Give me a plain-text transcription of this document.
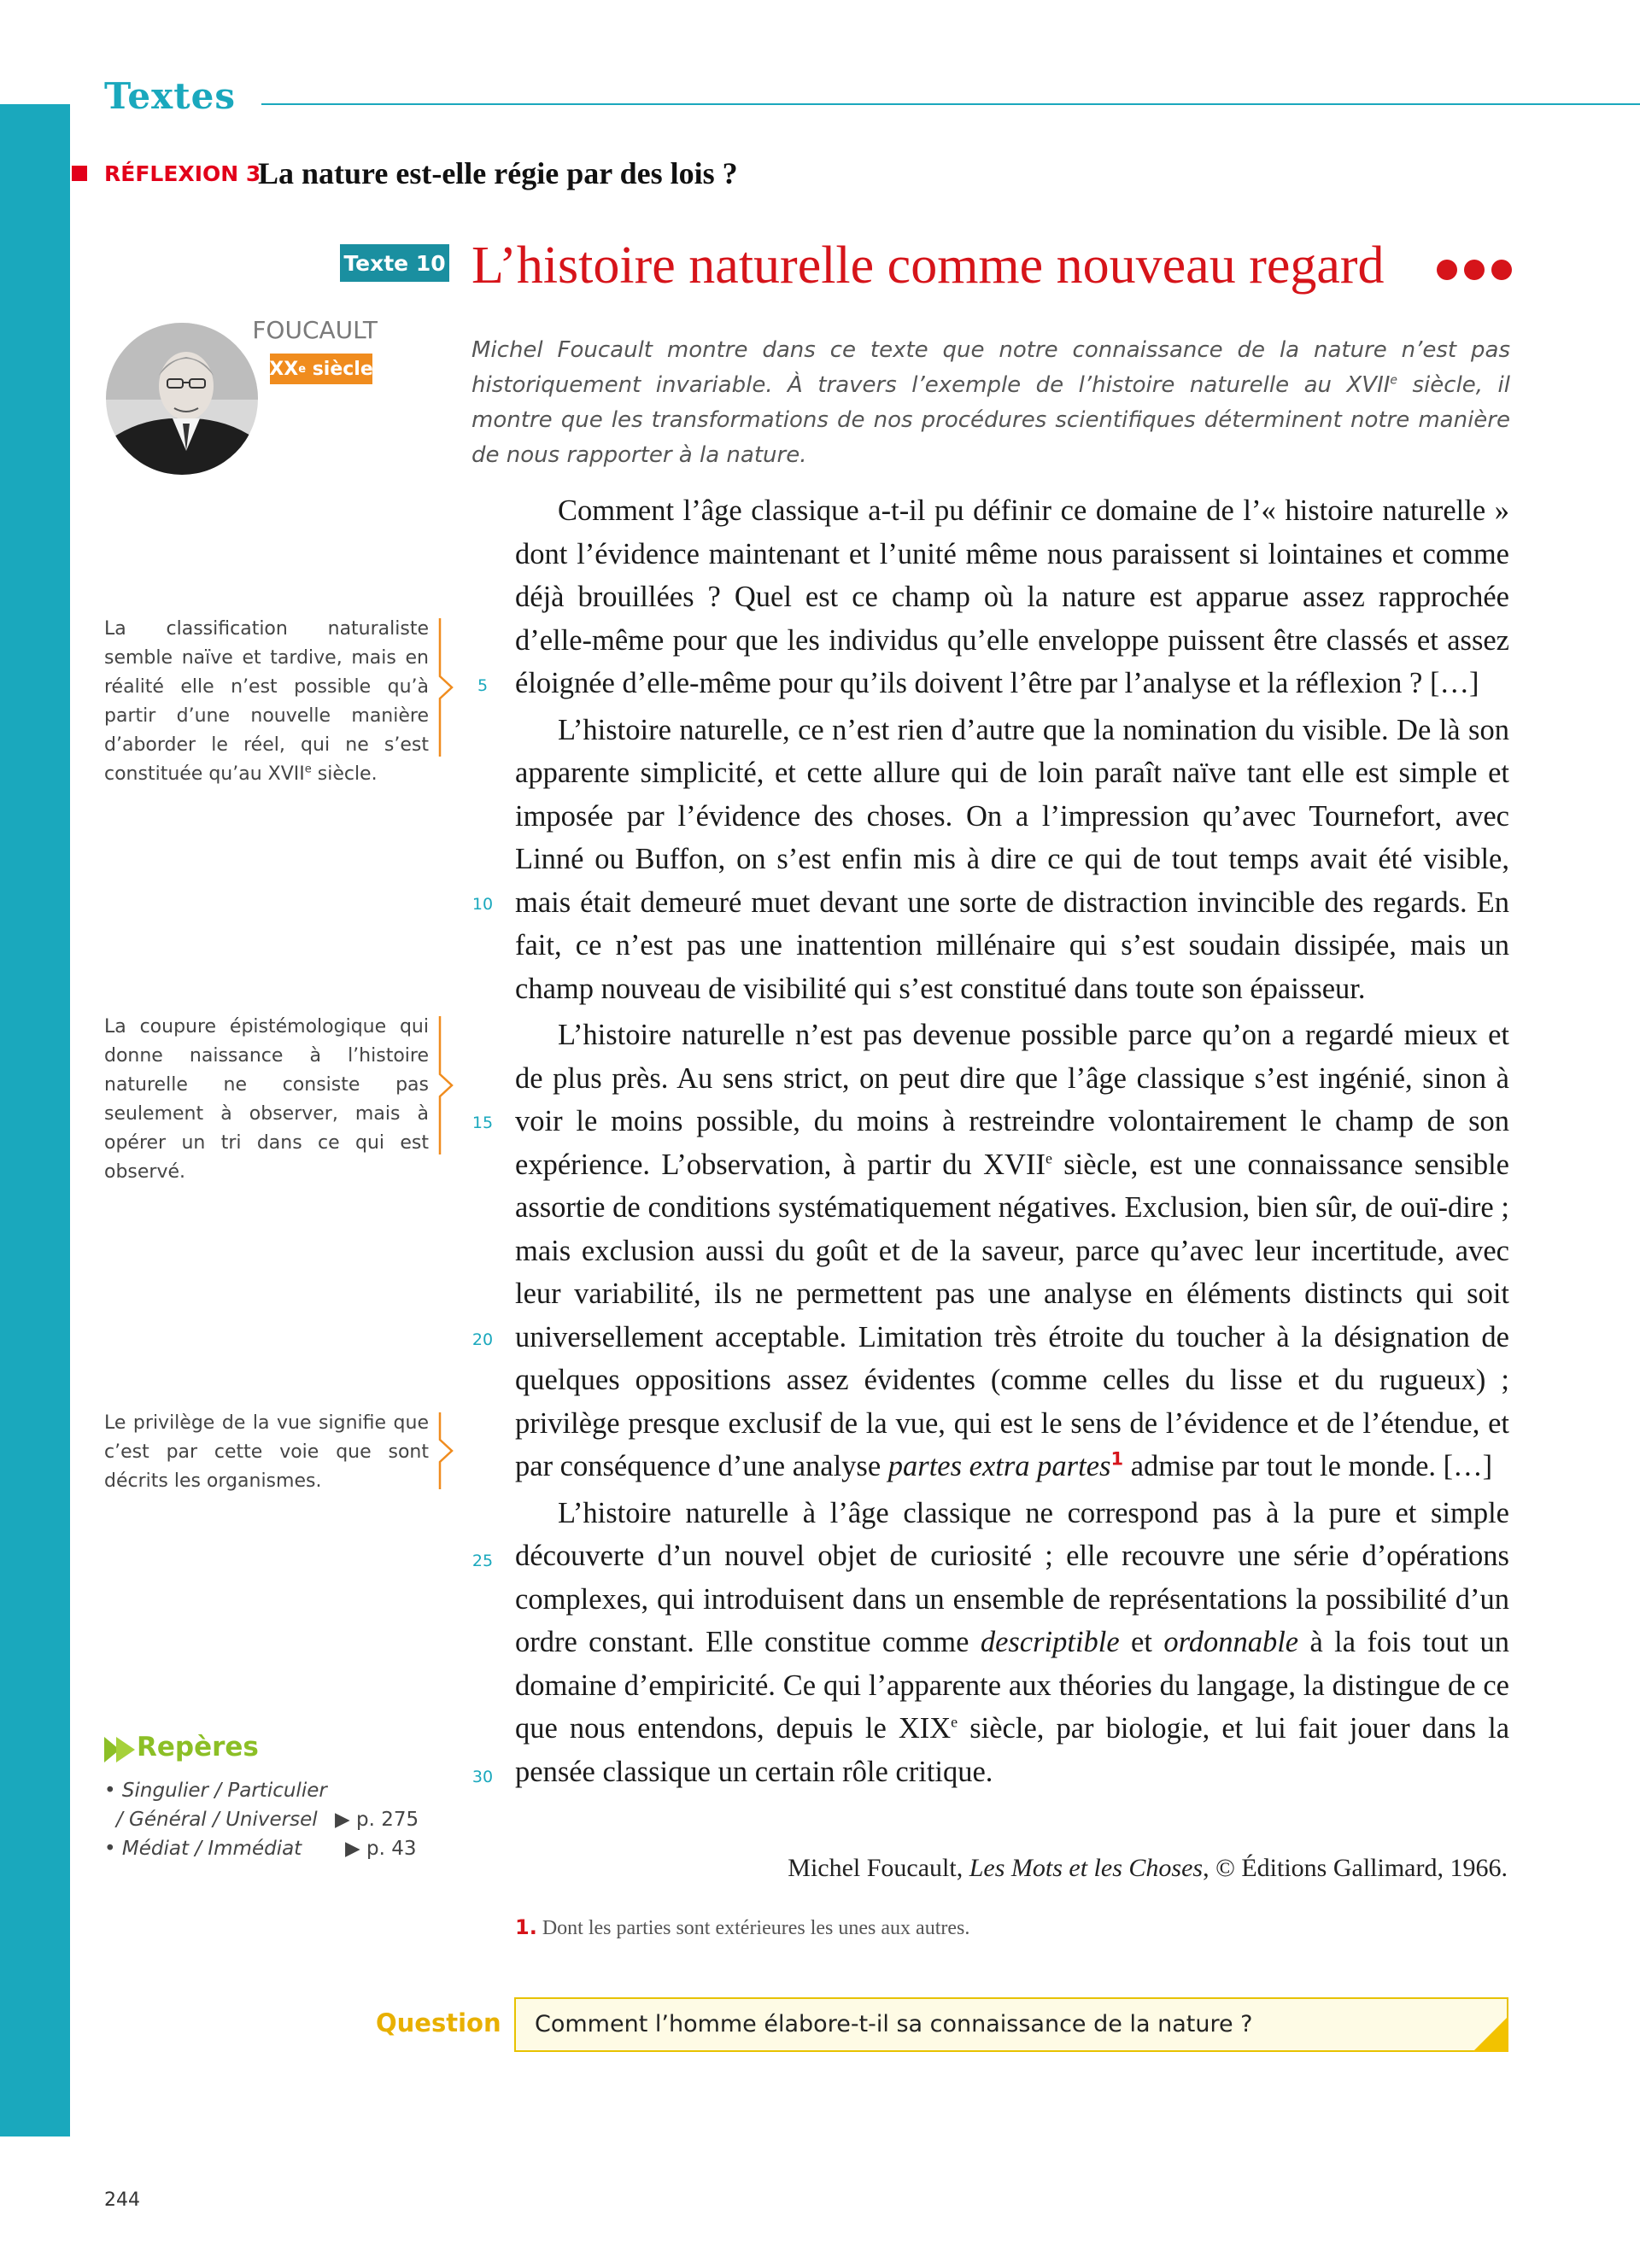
Textes
RÉFLEXION 3
La nature est-elle régie par des lois ?
Texte 10 L’histoire naturelle comme nouveau regard
FOUCAULT
XX e siècle
Michel Foucault montre dans ce texte que notre connaissance de la nature n’est pas historiquement invariable. À travers l’exemple de l’histoire naturelle au XVIIe siècle, il montre que les transformations de nos procédures scientifiques déterminent notre manière de nous rapporter à la nature.

Comment l’âge classique a-t-il pu définir ce domaine de l’« histoire naturelle » dont l’évidence maintenant et l’unité même nous paraissent si lointaines et comme déjà brouillées ? Quel est ce champ où la nature est apparue assez rapprochée d’elle-même pour que les individus qu’elle enveloppe puissent être classés et assez éloignée d’elle-même pour qu’ils doivent l’être par l’analyse et la réflexion ? […]

L’histoire naturelle, ce n’est rien d’autre que la nomination du visible. De là son apparente simplicité, et cette allure qui de loin paraît naïve tant elle est simple et imposée par l’évidence des choses. On a l’impression qu’avec Tournefort, avec Linné ou Buffon, on s’est enfin mis à dire ce qui de tout temps avait été visible, mais était demeuré muet devant une sorte de distraction invincible des regards. En fait, ce n’est pas une inattention millénaire qui s’est soudain dissipée, mais un champ nouveau de visibilité qui s’est constitué dans toute son épaisseur.

L’histoire naturelle n’est pas devenue possible parce qu’on a regardé mieux et de plus près. Au sens strict, on peut dire que l’âge classique s’est ingénié, sinon à voir le moins possible, du moins à restreindre volontairement le champ de son expérience. L’observation, à partir du XVIIe siècle, est une connaissance sensible assortie de conditions systématiquement négatives. Exclusion, bien sûr, de ouï-dire ; mais exclusion aussi du goût et de la saveur, parce qu’avec leur incertitude, avec leur variabilité, ils ne permettent pas une analyse en éléments distincts qui soit universellement acceptable. Limitation très étroite du toucher à la désignation de quelques oppositions assez évidentes (comme celles du lisse et du rugueux) ; privilège presque exclusif de la vue, qui est le sens de l’évidence et de l’étendue, et par conséquence d’une analyse partes extra partes$^1$ admise par tout le monde. […]

L’histoire naturelle à l’âge classique ne correspond pas à la pure et simple découverte d’un nouvel objet de curiosité ; elle recouvre une série d’opérations complexes, qui introduisent dans un ensemble de représentations la possibilité d’un ordre constant. Elle constitue comme descriptible et ordonnable à la fois tout un domaine d’empiricité. Ce qui l’apparente aux théories du langage, la distingue de ce que nous entendons, depuis le XIXe siècle, par biologie, et lui fait jouer dans la pensée classique un certain rôle critique.

5
10
15
20
25
30
La classification naturaliste semble naïve et tardive, mais en réalité elle n’est possible qu’à partir d’une nouvelle manière d’aborder le réel, qui ne s’est constituée qu’au XVIIe siècle.
La coupure épistémologique qui donne naissance à l’histoire naturelle ne consiste pas seulement à observer, mais à opérer un tri dans ce qui est observé.
Le privilège de la vue signifie que c’est par cette voie que sont décrits les organismes.
Repères
• Singulier / Particulier
/ Général / Universel ▶ p. 275
• Médiat / Immédiat ▶ p. 43
Michel Foucault, Les Mots et les Choses, © Éditions Gallimard, 1966.
1. Dont les parties sont extérieures les unes aux autres.
Question Comment l’homme élabore-t-il sa connaissance de la nature ?
244
